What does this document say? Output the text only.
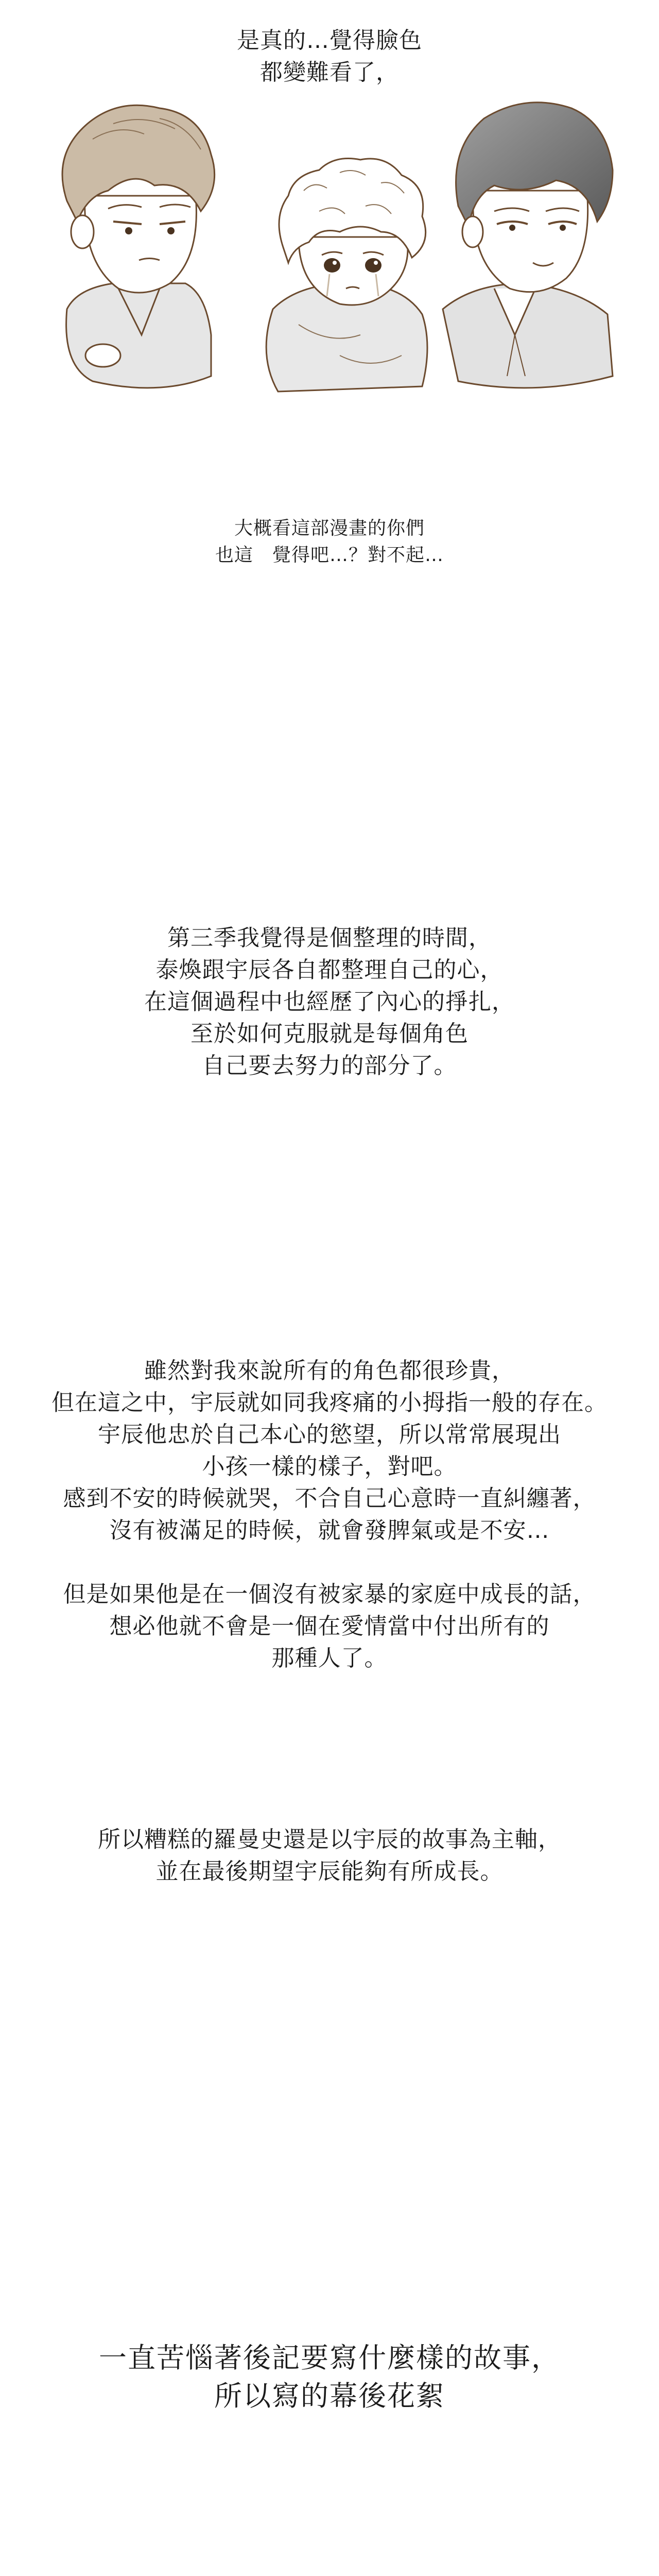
是真的…覺得臉色
都變難看了，
大概看這部漫畫的你們
也這　覺得吧…？對不起…
第三季我覺得是個整理的時間，
泰煥跟宇辰各自都整理自己的心，
在這個過程中也經歷了內心的掙扎，
至於如何克服就是每個角色
自己要去努力的部分了。
雖然對我來說所有的角色都很珍貴，
但在這之中，宇辰就如同我疼痛的小拇指一般的存在。
宇辰他忠於自己本心的慾望，所以常常展現出
小孩一樣的樣子，對吧。
感到不安的時候就哭，不合自己心意時一直糾纏著，
沒有被滿足的時候，就會發脾氣或是不安…
但是如果他是在一個沒有被家暴的家庭中成長的話，
想必他就不會是一個在愛情當中付出所有的
那種人了。
所以糟糕的羅曼史還是以宇辰的故事為主軸，
並在最後期望宇辰能夠有所成長。
一直苦惱著後記要寫什麼樣的故事，
所以寫的幕後花絮
